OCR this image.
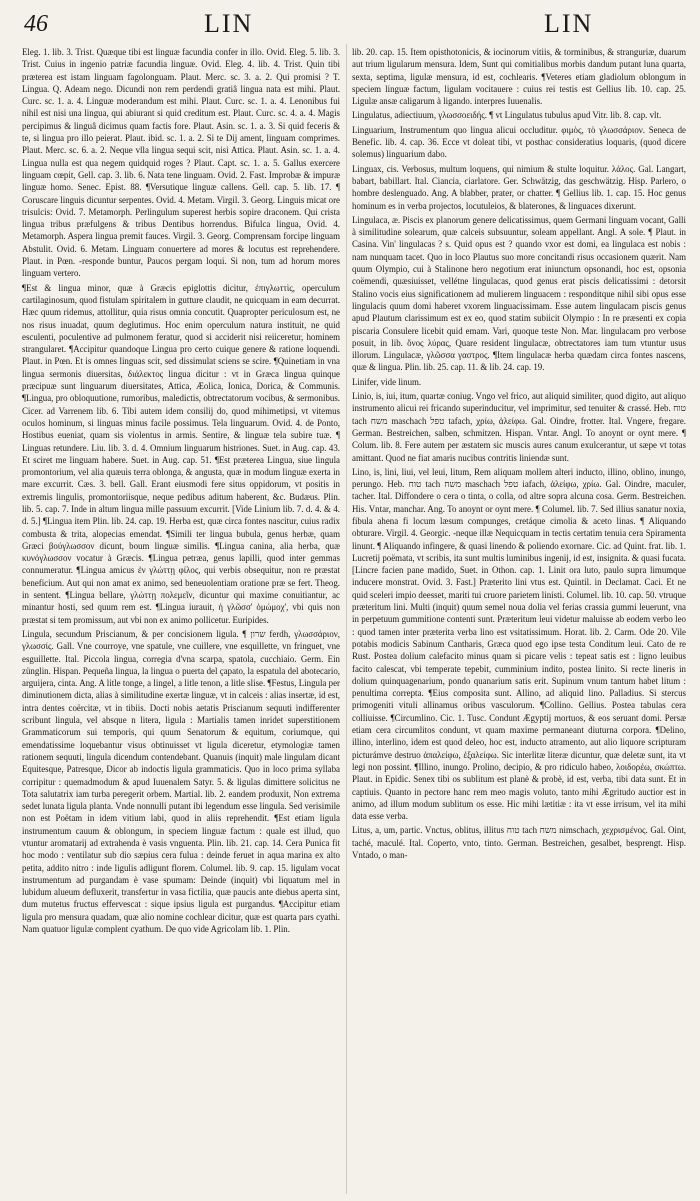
46	LIN	LIN

Eleg. 1. lib. 3. Trist. Quæque tibi est linguæ facundia confer in illo. Ovid. Eleg. 5. lib. 3. Trist. Cuius in ingenio patriæ facundia linguæ. Ovid. Eleg. 4. lib. 4. Trist. Quin tibi præterea est istam linguam fagolonguam. Plaut. Merc. sc. 3. a. 2. Qui promisi ? T. Lingua. Q. Adeam nego. Dicundi non rem perdendi gratiâ lingua nata est mihi. Plaut. Curc. sc. 1. a. 4. Linguæ moderandum est mihi. Plaut. Curc. sc. 1. a. 4. Lenonibus fui nihil est nisi una lingua, qui abiurant si quid creditum est. Plaut. Curc. sc. 4. a. 4. Magis percipimus & linguâ dicimus quam factis fore. Plaut. Asin. sc. 1. a. 3. Si quid feceris & te, si lingua pro illo peierat. Plaut. ibid. sc. 1. a. 2. Si te Dij ament, linguam comprimes. Plaut. Merc. sc. 6. a. 2. Neque vlla lingua sequi scit, nisi Attica. Plaut. Asin. sc. 1. a. 4. Lingua nulla est qua negem quidquid roges ? Plaut. Capt. sc. 1. a. 5. Gallus exercere linguam cœpit, Gell. cap. 3. lib. 6. Nata tene linguam. Ovid. 2. Fast. Improbæ & impuræ linguæ homo. Senec. Epist. 88. ¶Versutique linguæ callens. Gell. cap. 5. lib. 17. ¶ Coruscare linguis dicuntur serpentes. Ovid. 4. Metam. Virgil. 3. Georg. Linguis micat ore trisulcis: Ovid. 7. Metamorph. Perlingulum superest herbis sopire draconem. Qui crista lingua tribus præfulgens & tribus Dentibus horrendus. Bifulca lingua, Ovid. 4. Metamorph. Aspera lingua premit fauces. Virgil. 3. Georg. Comprensam forcipe linguam Abstulit. Ovid. 6. Metam. Linguam conuertere ad mores & locutus est reprehendere. Plaut. in Pœn. -responde buntur, Paucos pergam loqui. Si non, tum ad horum mores linguam vertero.

¶Est & lingua minor, quæ à Græcis epiglottis dicitur, ἐπιγλωττὶς, operculum cartilaginosum, quod fistulam spiritalem in gutture claudit, ne quicquam in eam decurrat. Hæc quum ridemus, attollitur, quia risus omnia concutit. Quapropter periculosum est, ne nos risus inuadat, quum deglutimus. Hoc enim operculum natura instituit, ne quid esculenti, poculentive ad pulmonem feratur, quod si acciderit nisi reiiceretur, hominem strangularet. ¶Accipitur quandoque Lingua pro certo cuique genere & ratione loquendi. Plaut. in Pœn. Et is omnes linguas scit, sed dissimulat sciens se scire. ¶Quinetiam in vna lingua sermonis diuersitas, διάλεκτος lingua dicitur : vt in Græca lingua quinque præcipuæ sunt linguarum diuersitates, Attica, Æolica, Ionica, Dorica, & Communis. ¶Lingua, pro obloquutione, rumoribus, maledictis, obtrectatorum vocibus, & sermonibus. Cicer. ad Varrenem lib. 6. Tibi autem idem consilij do, quod mihimetipsi, vt vitemus oculos hominum, si linguas minus facile possimus. Tela linguarum. Ovid. 4. de Ponto, Hostibus eueniat, quam sis violentus in armis. Sentire, & linguæ tela subire tuæ. ¶ Linguas retundere. Liu. lib. 3. d. 4. Omnium linguarum histriones. Suet. in Aug. cap. 43. Et sciret me linguam habere. Suet. in Aug. cap. 51. ¶Est præterea Lingua, siue lingula promontorium, vel alia quæuis terra oblonga, & angusta, quæ in modum linguæ exerta in mare excurrit. Cæs. 3. bell. Gall. Erant eiusmodi fere situs oppidorum, vt positis in extremis lingulis, promontoriisque, neque pedibus aditum haberent, &c. Budæus. Plin. lib. 5. cap. 7. Inde in altum lingua mille passuum excurrit. [Vide Linium lib. 7. d. 4. & 4. d. 5.] ¶Lingua item Plin. lib. 24. cap. 19. Herba est, quæ circa fontes nascitur, cuius radix combusta & trita, alopecias emendat. ¶Simili ter lingua bubula, genus herbæ, quam Græci βούγλωσσον dicunt, boum linguæ similis. ¶Lingua canina, alia herba, quæ κυνόγλωσσον vocatur à Græcis. ¶Lingua petræa, genus lapilli, quod inter gemmas connumeratur. ¶Lingua amicus ἐν γλώττῃ φίλος, qui verbis obsequitur, non re præstat beneficium. Aut qui non amat ex animo, sed beneuolentiam oratione præ se fert. Theog. in sentent. ¶Lingua bellare, γλώττῃ πολεμεῖν, dicuntur qui maxime conuitiantur, ac minantur hosti, sed quum rem est. ¶Lingua iurauit, ἡ γλῶσσ' ὀμώμοχ', vbi quis non præstat si tem promissum, aut vbi non ex animo pollicetur. Euripides.

Lingula, secundum Priscianum, & per concisionem ligula. ¶ שרון ferdh, γλωσσάριον, γλωσσίς. Gall. Vne courroye, vne spatule, vne cuillere, vne esquillette, vn fringuet, vne esguillette. Ital. Piccola lingua, corregia d'vna scarpa, spatola, cucchiaio. Germ. Ein zünglin. Hispan. Pequeña lingua, la lingua o puerta del çapato, la espatula del abotecario, arguijera, cinta. Ang. A litle tonge, a lingel, a litle tenon, a litle slise. ¶Festus, Lingula per diminutionem dicta, alias à similitudine exertæ linguæ, vt in calceis : alias insertæ, id est, intra dentes coërcitæ, vt in tibiis. Docti nobis aetatis Priscianum sequuti indifferenter scribunt lingula, vel absque n litera, ligula : Martialis tamen inridet superstitionem Grammaticorum sui temporis, qui quum Senatorum & equitum, coriumque, qui emendatissime loquebantur visus obtinuisset vt ligula diceretur, etymologiæ tamen rationem sequuti, lingula dicendum contendebant. Quanuis (inquit) male lingulam dicant Equitesque, Patresque, Dicor ab indoctis ligula grammaticis. Quo in loco prima syllaba corripitur : quemadmodum & apud Iuuenalem Satyr. 5. & ligulas dimittere solicitus ne Tota salutatrix iam turba peregerit orbem. Martial. lib. 2. eandem produxit, Non extrema sedet lunata ligula planta. Vnde nonnulli putant ibi legendum esse lingula. Sed verisimile non est Poëtam in idem vitium labi, quod in aliis reprehendit. ¶Est etiam ligula instrumentum cauum & oblongum, in speciem linguæ factum : quale est illud, quo vtuntur aromatarij ad extrahenda è vasis vnguenta. Plin. lib. 21. cap. 14. Cera Punica fit hoc modo : ventilatur sub dio sæpius cera fulua : deinde feruet in aqua marina ex alto petita, addito nitro : inde ligulis adligunt florem. Columel. lib. 9. cap. 15. ligulam vocat instrumentum ad purgandam è vase spumam: Deinde (inquit) vbi liquatum mel in lubidum alueum defluxerit, transfertur in vasa fictilia, quæ paucis ante diebus aperta sint, dum mutetus fructus effervescat : sique ipsius ligula est purgandus. ¶Accipitur etiam ligula pro mensura quadam, quæ alio nomine cochlear dicitur, quæ est quarta pars cyathi. Nam quatuor ligulæ complent cyathum. De quo vide Agricolam lib. 1. Plin.

lib. 20. cap. 15. Item opisthotonicis, & iocinorum vitiis, & torminibus, & stranguriæ, duarum aut trium ligularum mensura. Idem, Sunt qui comitialibus morbis dandum putant luna quarta, sexta, septima, ligulæ mensura, id est, cochlearis. ¶Veteres etiam gladiolum oblongum in speciem linguæ factum, ligulam vocitauere : cuius rei testis est Gellius lib. 10. cap. 25. Ligulæ ansæ caligarum à ligando. interpres Iuuenalis.

Lingulatus, adiectiuum, γλωσσοειδής. ¶ vt Lingulatus tubulus apud Vitr. lib. 8. cap. vlt.

Linguarium, Instrumentum quo lingua alicui occluditur. φιμὸς, τὸ γλωσσάριον. Seneca de Benefic. lib. 4. cap. 36. Ecce vt doleat tibi, vt posthac consideratius loquaris, (quod dicere solemus) linguarium dabo.

Linguax, cis. Verbosus, multum loquens, qui nimium & stulte loquitur. λάλος. Gal. Langart, babart, babillart. Ital. Ciancia, ciarlatore. Ger. Schwätzig, das geschwätzig. Hisp. Parlero, o hombre deslenguado. Ang. A blabber, prater, or chatter. ¶ Gellius lib. 1. cap. 15. Hoc genus hominum es in verba projectos, locutuleios, & blaterones, & linguaces dixerunt.

Lingulaca, æ. Piscis ex planorum genere delicatissimus, quem Germani linguam vocant, Galli à similitudine solearum, quæ calceis subsuuntur, soleam appellant. Angl. A sole. ¶ Plaut. in Casina. Vin' lingulacas ? s. Quid opus est ? quando vxor est domi, ea lingulaca est nobis : nam nunquam tacet. Quo in loco Plautus suo more concitandi risus occasionem quærit. Nam quum Olympio, cui à Stalinone hero negotium erat iniunctum opsonandi, hoc est, opsonia coëmendi, quæsiuisset, vellétne lingulacas, quod genus erat piscis delicatissimi : detorsit Stalino vocis eius significationem ad mulierem linguacem : respondítque nihil sibi opus esse lingulacis quum domi haberet vxorem linguacissimam. Esse autem lingulacam piscis genus apud Plautum clarissimum est ex eo, quod statim subiicit Olympio : In re præsenti ex copia piscaria Consulere licebit quid emam. Vari, quoque teste Non. Mar. lingulacam pro verbose posuit, in lib. ὄνος λύρας, Quare resident lingulacæ, obtrectatores iam tum vtuntur usus illorum. Lingulacæ, γλῶσσα γαστρος. ¶Item lingulacæ herba quædam circa fontes nascens, quæ & lingua. Plin. lib. 25. cap. 11. & lib. 24. cap. 19.

Linifer, vide linum.

Linio, is, iui, itum, quartæ coniug. Vngo vel frico, aut aliquid similiter, quod digito, aut aliquo instrumento alicui rei fricando superinducitur, vel imprimitur, sed tenuiter & crassé. Heb. טוח tach משח maschach טפל tafach, χρίω, ἀλείφω. Gal. Oindre, frotter. Ital. Vngere, fregare. German. Bestreichen, salben, schmitzen. Hispan. Vntar. Angl. To anoynt or oynt mere. ¶ Colum. lib. 8. Fere autem per æstatem sic muscis aures canum exulcerantur, ut sæpe vt totas amittant. Quod ne fiat amaris nucibus contritis liniendæ sunt.

Lino, is, lini, liui, vel leui, litum, Rem aliquam mollem alteri inducto, illino, oblino, inungo, perungo. Heb. טוח tach משח maschach טפל iafach, ἀλείφω, χρίω. Gal. Oindre, maculer, tacher. Ital. Diffondere o cera o tinta, o colla, od altre sopra alcuna cosa. Germ. Bestreichen. His. Vntar, manchar. Ang. To anoynt or oynt mere. ¶ Columel. lib. 7. Sed illius sanatur noxia, fibula ahena fi locum læsum compunges, cretáque cimolia & aceto linas. ¶ Aliquando obturare. Virgil. 4. Georgic. -neque illæ Nequicquam in tectis certatim tenuia cera Spiramenta linunt. ¶ Aliquando infingere, & quasi linendo & poliendo exornare. Cic. ad Quint. frat. lib. 1. Lucretij poëmata, vt scribis, ita sunt multis luminibus ingenij, id est, insignita. & quasi fucata. [Lincre facien pane madido, Suet. in Othon. cap. 1. Linit ora luto, paulo supra limumque inducere monstrat. Ovid. 3. Fast.] Præterito lini vtus est. Quintil. in Declamat. Caci. Et ne quid sceleri impio deesset, mariti tui cruore parietem linisti. Columel. lib. 10. cap. 50. vtruque præteritum lini. Multi (inquit) quum semel noua dolia vel ferias crassia gummi leuerunt, vna in perpetuum gummitione contenti sunt. Præteritum leui videtur maluisse ab eodem verbo leo : quod tamen inter præterita verba lino est vsitatissimum. Horat. lib. 2. Carm. Ode 20. Vile potabis modicis Sabinum Cantharis, Græca quod ego ipse testa Conditum leui. Cato de re Rust. Postea dolium calefacito minus quam si picare velis : tepeat satis est : ligno leuibus facito calescat, vbi temperate tepebit, cumminium indito, postea linito. Si recte lineris in dolium quinquagenarium, pondo quanarium satis erit. Supinum vnum tantum habet litum : penultima correpta. ¶Eius composita sunt. Allino, ad aliquid lino. Palladius. Si stercus primogeniti vituli allinamus oribus vasculorum. ¶Collino. Gellius. Postea tabulas cera colliuisse. ¶Circumlino. Cic. 1. Tusc. Condunt Ægyptij mortuos, & eos seruant domi. Persæ etiam cera circumlitos condunt, vt quam maxime permaneant diuturna corpora. ¶Delino, illino, interlino, idem est quod deleo, hoc est, inducto atramento, aut alio liquore scripturam picturámve destruo ἀπαλείφω, ἐξαλείφω. Sic interlitæ literæ dicuntur, quæ deletæ sunt, ita vt legi non possint. ¶Illino, inungo. Prolino, decipio, & pro ridiculo habeo, λοιδορέω, σκώπτω. Plaut. in Epidic. Senex tibi os sublitum est planè & probè, id est, verba, tibi data sunt. Et in captiuis. Quanto in pectore hanc rem meo magis voluto, tanto mihi Ægritudo auctior est in animo, ad illum modum sublitum os esse. Hic mihi lætitiæ : ita vt esse irrisum, vel ita mihi data esse verba.

Litus, a, um, partic. Vnctus, oblitus, illitus טוח tach משח nimschach, χεχρισμένος. Gal. Oint, taché, maculé. Ital. Coperto, vnto, tinto. German. Bestreichen, gesalbet, besprengt. Hisp. Vntado, o man-
